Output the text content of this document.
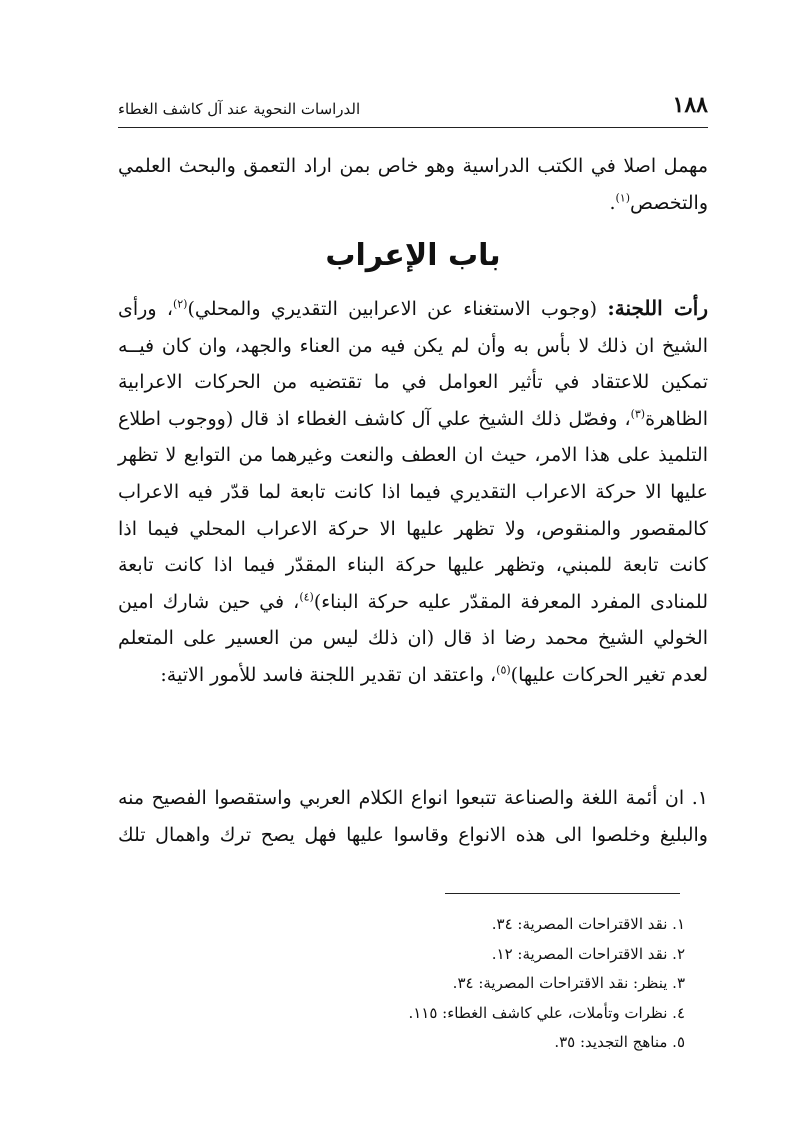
١٨٨
الدراسات النحوية عند آل كاشف الغطاء

مهمل اصلا في الكتب الدراسية وهو خاص بمن اراد التعمق والبحث العلمي والتخصص$^{(١)}$.

باب الإعراب

رأت اللجنة: (وجوب الاستغناء عن الاعرابين التقديري والمحلي)$^{(٢)}$، ورأى الشيخ ان ذلك لا بأس به وأن لم يكن فيه من العناء والجهد، وان كان فيــه تمكين للاعتقاد في تأثير العوامل في ما تقتضيه من الحركات الاعرابية الظاهرة$^{(٣)}$، وفصّل ذلك الشيخ علي آل كاشف الغطاء اذ قال (ووجوب اطلاع التلميذ على هذا الامر، حيث ان العطف والنعت وغيرهما من التوابع لا تظهر عليها الا حركة الاعراب التقديري فيما اذا كانت تابعة لما قدّر فيه الاعراب كالمقصور والمنقوص، ولا تظهر عليها الا حركة الاعراب المحلي فيما اذا كانت تابعة للمبني، وتظهر عليها حركة البناء المقدّر فيما اذا كانت تابعة للمنادى المفرد المعرفة المقدّر عليه حركة البناء)$^{(٤)}$، في حين شارك امين الخولي الشيخ محمد رضا اذ قال (ان ذلك ليس من العسير على المتعلم لعدم تغير الحركات عليها)$^{(٥)}$، واعتقد ان تقدير اللجنة فاسد للأمور الاتية:

١. ان أئمة اللغة والصناعة تتبعوا انواع الكلام العربي واستقصوا الفصيح منه والبليغ وخلصوا الى هذه الانواع وقاسوا عليها فهل يصح ترك واهمال تلك

١. نقد الاقتراحات المصرية: ٣٤.
٢. نقد الاقتراحات المصرية: ١٢.
٣. ينظر: نقد الاقتراحات المصرية: ٣٤.
٤. نظرات وتأملات، علي كاشف الغطاء: ١١٥.
٥. مناهج التجديد: ٣٥.
